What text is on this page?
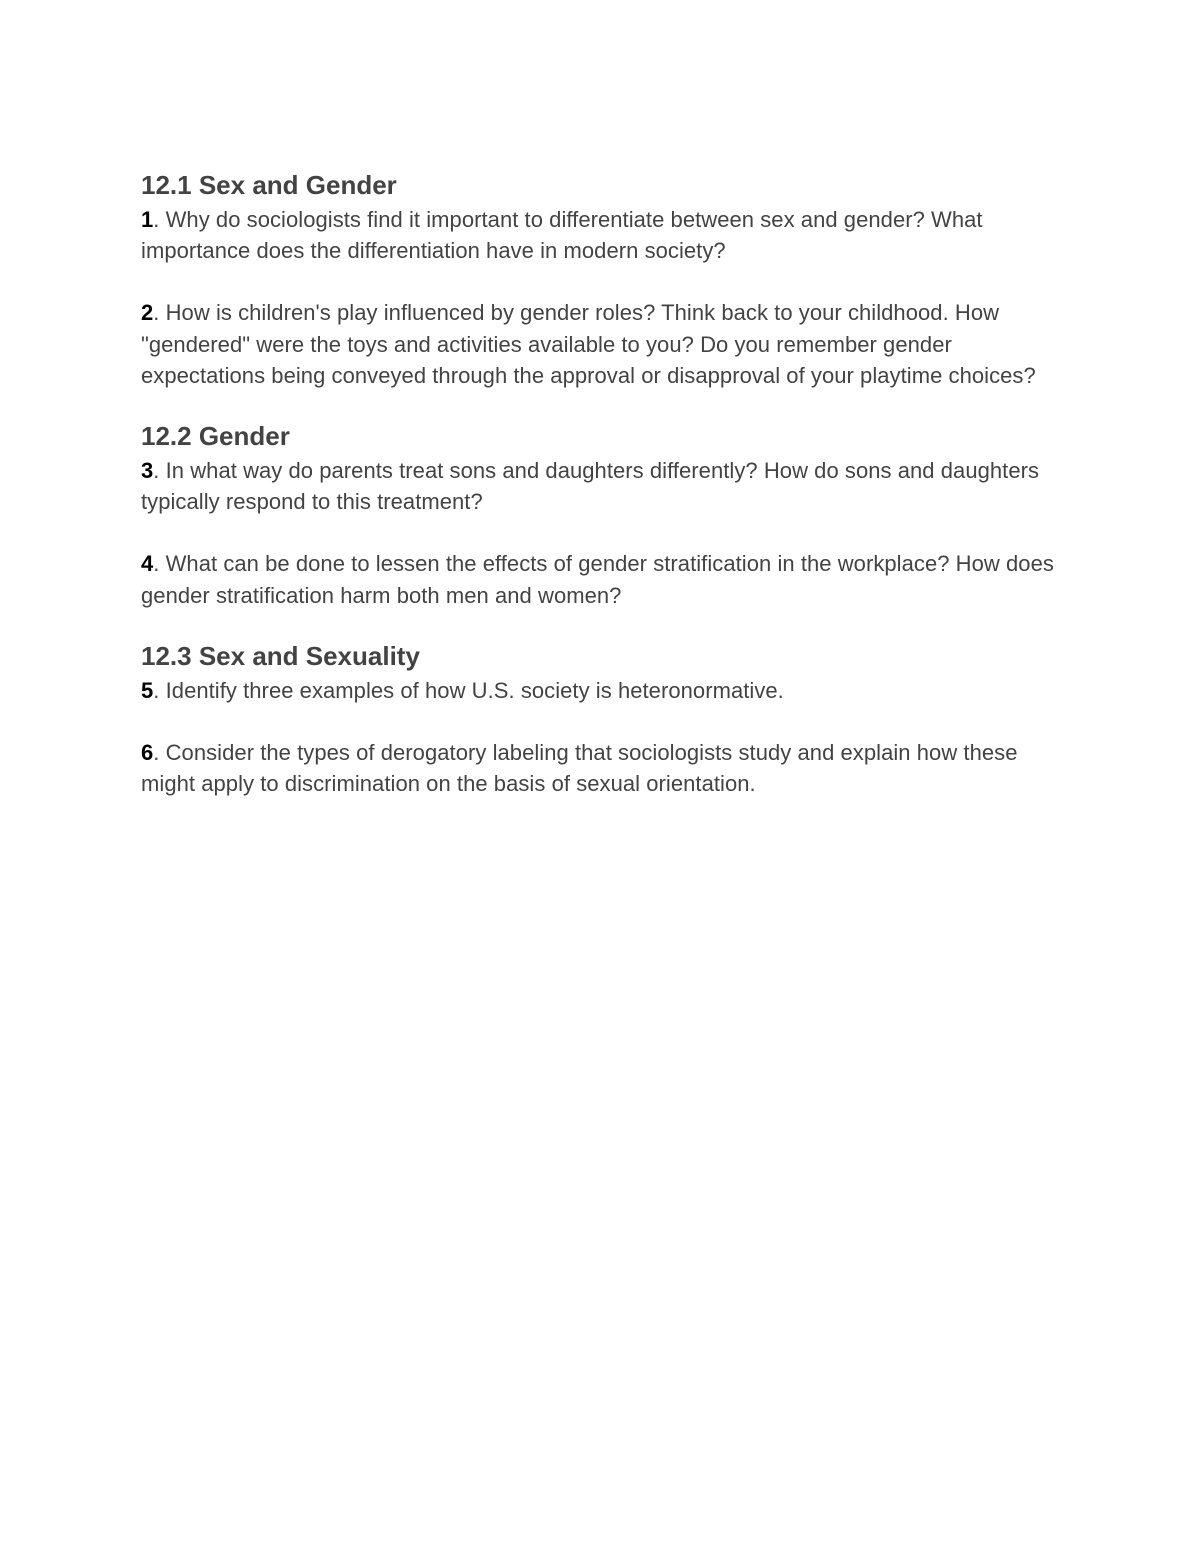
12.1 Sex and Gender

1. Why do sociologists find it important to differentiate between sex and gender? What importance does the differentiation have in modern society?

2. How is children's play influenced by gender roles? Think back to your childhood. How "gendered" were the toys and activities available to you? Do you remember gender expectations being conveyed through the approval or disapproval of your playtime choices?

12.2 Gender

3. In what way do parents treat sons and daughters differently? How do sons and daughters typically respond to this treatment?

4. What can be done to lessen the effects of gender stratification in the workplace? How does gender stratification harm both men and women?

12.3 Sex and Sexuality

5. Identify three examples of how U.S. society is heteronormative.

6. Consider the types of derogatory labeling that sociologists study and explain how these might apply to discrimination on the basis of sexual orientation.
